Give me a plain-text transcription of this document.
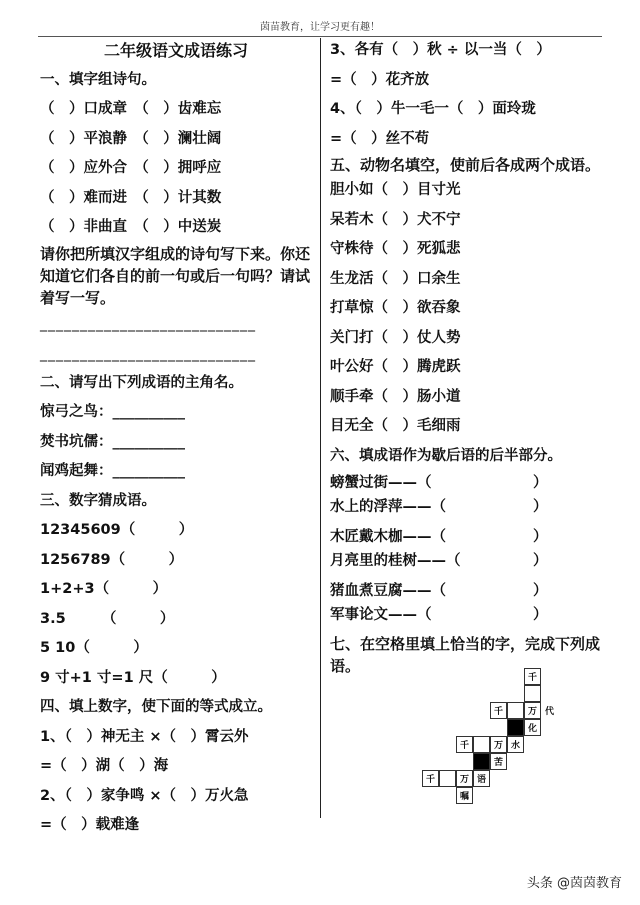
茵苗教育，让学习更有趣！
二年级语文成语练习
一、填字组诗句。
（　）口成章　（　）齿难忘
（　）平浪静　（　）澜壮阔
（　）应外合　（　）拥呼应
（　）难而进　（　）计其数
（　）非曲直　（　）中送炭
请你把所填汉字组成的诗句写下来。你还知道它们各自的前一句或后一句吗？请试着写一写。
___________________________
___________________________
二、请写出下列成语的主角名。
惊弓之鸟：__________
焚书坑儒：__________
闻鸡起舞：__________
三、数字猜成语。
12345609（　　　）
1256789（　　　）
1+2+3（　　　）
3.5　　　（　　　）
5 10（　　　）
9 寸+1 寸=1 尺（　　　）
四、填上数字，使下面的等式成立。
1、（　）神无主 ×（　）霄云外
=（　）湖（　）海
2、（　）家争鸣 ×（　）万火急
=（　）载难逢
3、各有（　）秋 ÷ 以一当（　）
=（　）花齐放
4、（　）牛一毛一（　）面玲珑
=（　）丝不苟
五、动物名填空，使前后各成两个成语。
胆小如（　）目寸光
呆若木（　）犬不宁
守株待（　）死狐悲
生龙活（　）口余生
打草惊（　）欲吞象
关门打（　）仗人势
叶公好（　）腾虎跃
顺手牵（　）肠小道
目无全（　）毛细雨
六、填成语作为歇后语的后半部分。
螃蟹过街——（　　　　　　　）
水上的浮萍——（　　　　　　）
木匠戴木枷——（　　　　　　）
月亮里的桂树——（　　　　　）
猪血煮豆腐——（　　　　　　）
军事论文——（　　　　　　　）
七、在空格里填上恰当的字，完成下列成语。
千
千	万 代
化
千	万 水
苦
千	万 语
嘱
头条 @茵茵教育
